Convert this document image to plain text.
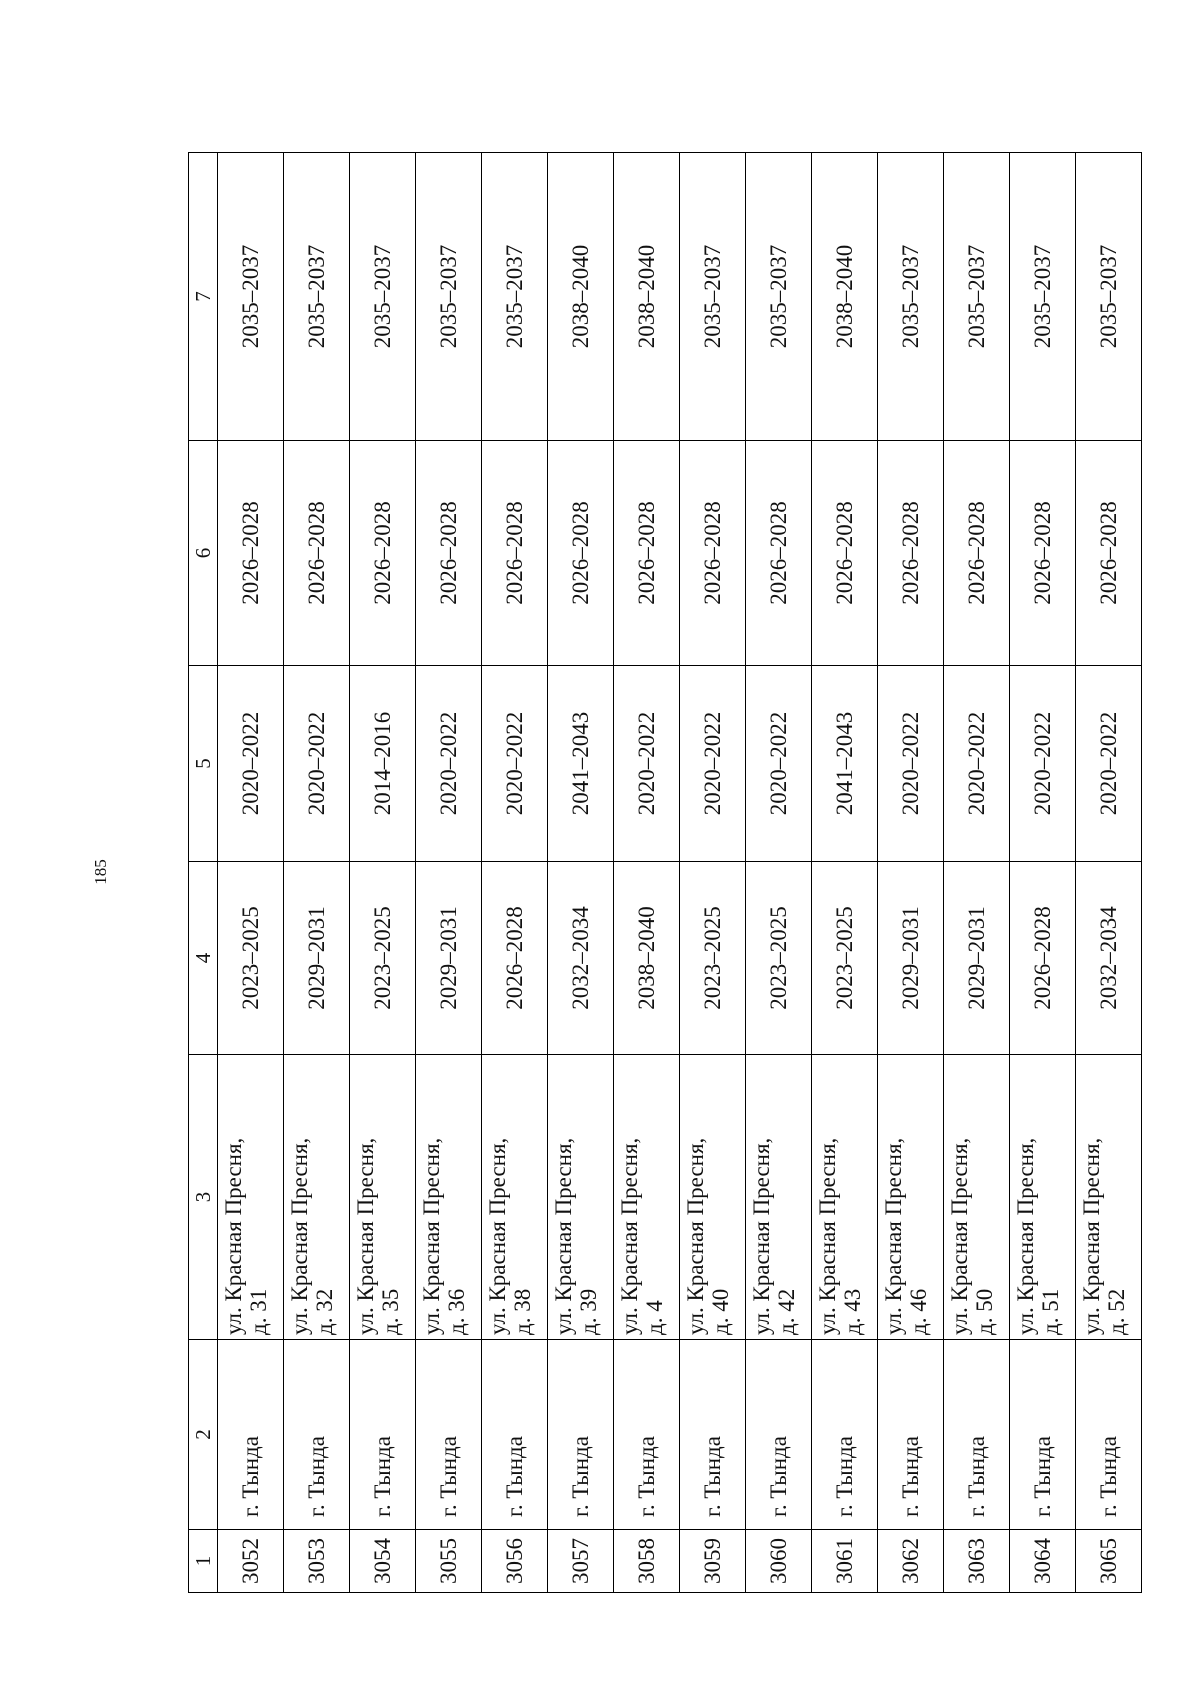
185
1	2	3	4	5	6	7
3052	г. Тында	ул. Красная Пресня,
д. 31	2023–2025	2020–2022	2026–2028	2035–2037
3053	г. Тында	ул. Красная Пресня,
д. 32	2029–2031	2020–2022	2026–2028	2035–2037
3054	г. Тында	ул. Красная Пресня,
д. 35	2023–2025	2014–2016	2026–2028	2035–2037
3055	г. Тында	ул. Красная Пресня,
д. 36	2029–2031	2020–2022	2026–2028	2035–2037
3056	г. Тында	ул. Красная Пресня,
д. 38	2026–2028	2020–2022	2026–2028	2035–2037
3057	г. Тында	ул. Красная Пресня,
д. 39	2032–2034	2041–2043	2026–2028	2038–2040
3058	г. Тында	ул. Красная Пресня,
д. 4	2038–2040	2020–2022	2026–2028	2038–2040
3059	г. Тында	ул. Красная Пресня,
д. 40	2023–2025	2020–2022	2026–2028	2035–2037
3060	г. Тында	ул. Красная Пресня,
д. 42	2023–2025	2020–2022	2026–2028	2035–2037
3061	г. Тында	ул. Красная Пресня,
д. 43	2023–2025	2041–2043	2026–2028	2038–2040
3062	г. Тында	ул. Красная Пресня,
д. 46	2029–2031	2020–2022	2026–2028	2035–2037
3063	г. Тында	ул. Красная Пресня,
д. 50	2029–2031	2020–2022	2026–2028	2035–2037
3064	г. Тында	ул. Красная Пресня,
д. 51	2026–2028	2020–2022	2026–2028	2035–2037
3065	г. Тында	ул. Красная Пресня,
д. 52	2032–2034	2020–2022	2026–2028	2035–2037
